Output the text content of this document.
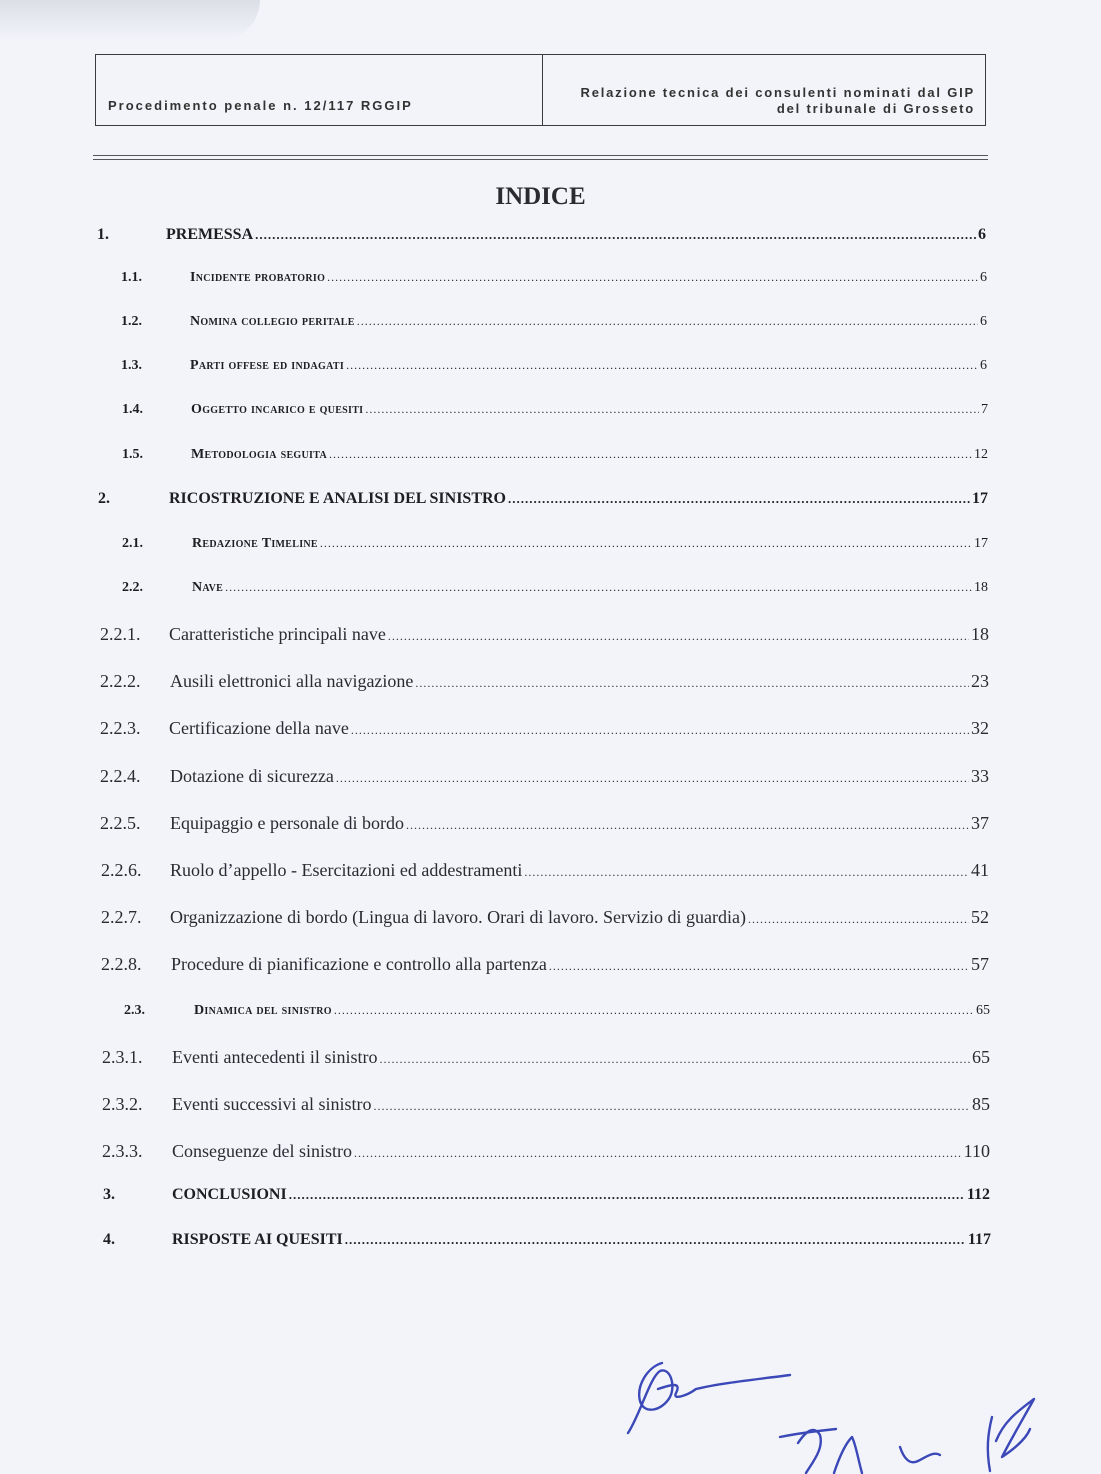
Procedimento penale n. 12/117 RGGIP
Relazione tecnica dei consulenti nominati dal GIP
del tribunale di Grosseto
INDICE
1.	PREMESSA .....	6
1.1.	Incidente probatorio .....	6
1.2.	Nomina collegio peritale .....	6
1.3.	Parti offese ed indagati .....	6
1.4.	Oggetto incarico e quesiti .....	7
1.5.	Metodologia seguita .....	12
2.	RICOSTRUZIONE E ANALISI DEL SINISTRO .....	17
2.1.	Redazione Timeline .....	17
2.2.	Nave .....	18
2.2.1. Caratteristiche principali nave .....	18
2.2.2. Ausili elettronici alla navigazione .....	23
2.2.3. Certificazione della nave .....	32
2.2.4. Dotazione di sicurezza .....	33
2.2.5. Equipaggio e personale di bordo .....	37
2.2.6. Ruolo d’appello - Esercitazioni ed addestramenti .....	41
2.2.7. Organizzazione di bordo (Lingua di lavoro. Orari di lavoro. Servizio di guardia) .....	52
2.2.8. Procedure di pianificazione e controllo alla partenza .....	57
2.3.	Dinamica del sinistro .....	65
2.3.1. Eventi antecedenti il sinistro .....	65
2.3.2. Eventi successivi al sinistro .....	85
2.3.3. Conseguenze del sinistro .....	110
3.	CONCLUSIONI .....	112
4.	RISPOSTE AI QUESITI .....	117
